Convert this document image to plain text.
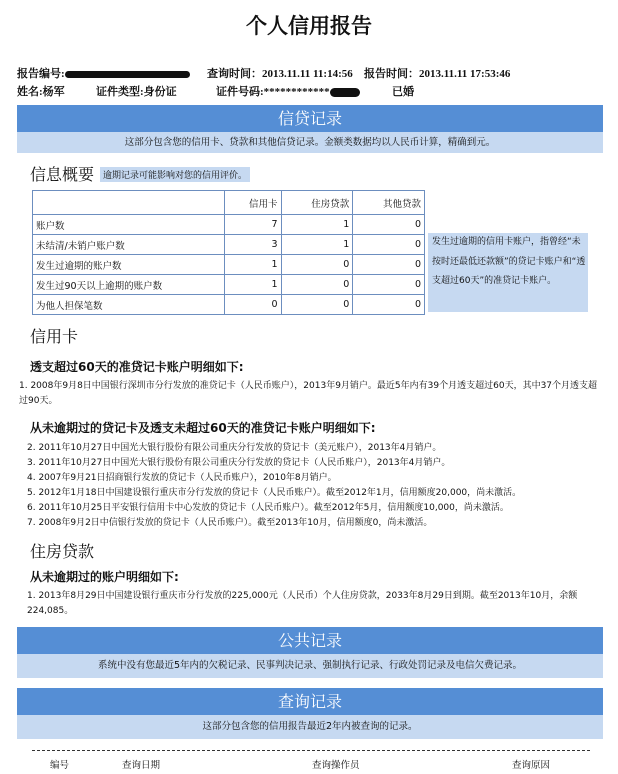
个人信用报告
报告编号:	查询时间：2013.11.11 11:14:56 报告时间：2013.11.11 17:53:46
姓名:杨军	证件类型:身份证	证件号码:************	已婚
信贷记录
这部分包含您的信用卡、贷款和其他信贷记录。金额类数据均以人民币计算，精确到元。
信息概要 逾期记录可能影响对您的信用评价。
	信用卡	住房贷款	其他贷款
账户数	7	1	0
未结清/未销户账户数	3	1	0
发生过逾期的账户数	1	0	0
发生过90天以上逾期的账户数	1	0	0
为他人担保笔数	0	0	0
发生过逾期的信用卡账户，指曾经“未按时还最低还款额”的贷记卡账户和“透支超过60天”的准贷记卡账户。
信用卡
透支超过60天的准贷记卡账户明细如下:
1. 2008年9月8日中国银行深圳市分行发放的准贷记卡（人民币账户），2013年9月销户。最近5年内有39个月透支超过60天，其中37个月透支超过90天。
从未逾期过的贷记卡及透支未超过60天的准贷记卡账户明细如下:
2. 2011年10月27日中国光大银行股份有限公司重庆分行发放的贷记卡（美元账户），2013年4月销户。
3. 2011年10月27日中国光大银行股份有限公司重庆分行发放的贷记卡（人民币账户），2013年4月销户。
4. 2007年9月21日招商银行发放的贷记卡（人民币账户），2010年8月销户。
5. 2012年1月18日中国建设银行重庆市分行发放的贷记卡（人民币账户）。截至2012年1月，信用额度20,000，尚未激活。
6. 2011年10月25日平安银行信用卡中心发放的贷记卡（人民币账户）。截至2012年5月，信用额度10,000，尚未激活。
7. 2008年9月2日中信银行发放的贷记卡（人民币账户）。截至2013年10月，信用额度0，尚未激活。
住房贷款
从未逾期过的账户明细如下:
1. 2013年8月29日中国建设银行重庆市分行发放的225,000元（人民币）个人住房贷款，2033年8月29日到期。截至2013年10月，余额224,085。
公共记录
系统中没有您最近5年内的欠税记录、民事判决记录、强制执行记录、行政处罚记录及电信欠费记录。
查询记录
这部分包含您的信用报告最近2年内被查询的记录。
编号	查询日期	查询操作员	查询原因
